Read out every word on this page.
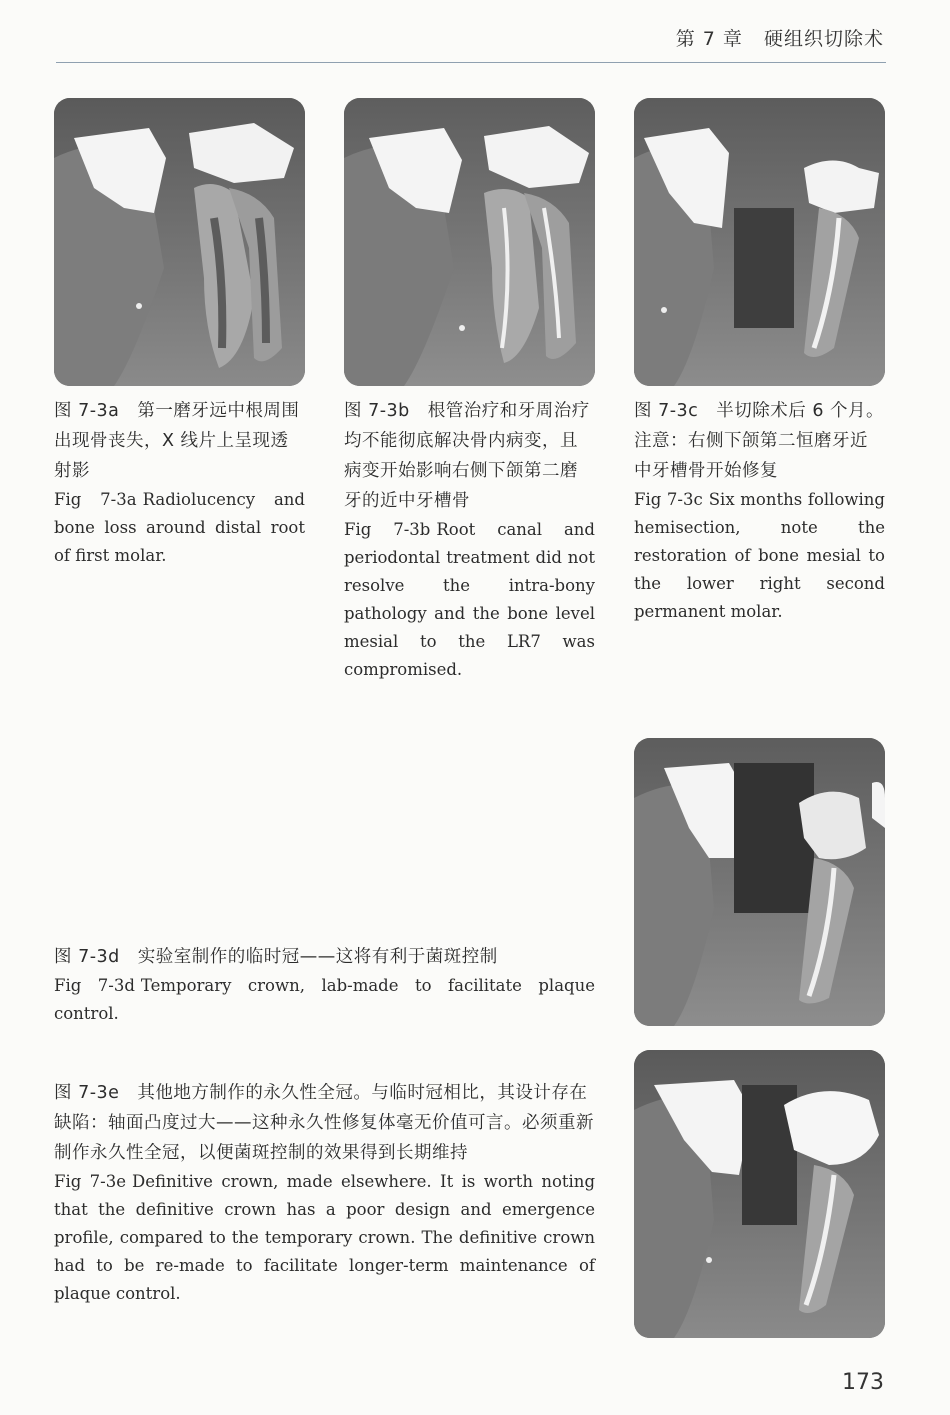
第 7 章 硬组织切除术
图 7-3a　第一磨牙远中根周围出现骨丧失，X 线片上呈现透射影
Fig 7-3a Radiolucency and bone loss around distal root of first molar.
图 7-3b　根管治疗和牙周治疗均不能彻底解决骨内病变，且病变开始影响右侧下颌第二磨牙的近中牙槽骨
Fig 7-3b Root canal and periodontal treatment did not resolve the intra-bony pathology and the bone level mesial to the LR7 was compromised.
图 7-3c　半切除术后 6 个月。注意：右侧下颌第二恒磨牙近中牙槽骨开始修复
Fig 7-3c Six months following hemisection, note the restoration of bone mesial to the lower right second permanent molar.
图 7-3d　实验室制作的临时冠——这将有利于菌斑控制
Fig 7-3d Temporary crown, lab-made to facilitate plaque control.
图 7-3e　其他地方制作的永久性全冠。与临时冠相比，其设计存在缺陷：轴面凸度过大——这种永久性修复体毫无价值可言。必须重新制作永久性全冠，以便菌斑控制的效果得到长期维持
Fig 7-3e Definitive crown, made elsewhere. It is worth noting that the definitive crown has a poor design and emergence profile, compared to the temporary crown. The definitive crown had to be re-made to facilitate longer-term maintenance of plaque control.
173
